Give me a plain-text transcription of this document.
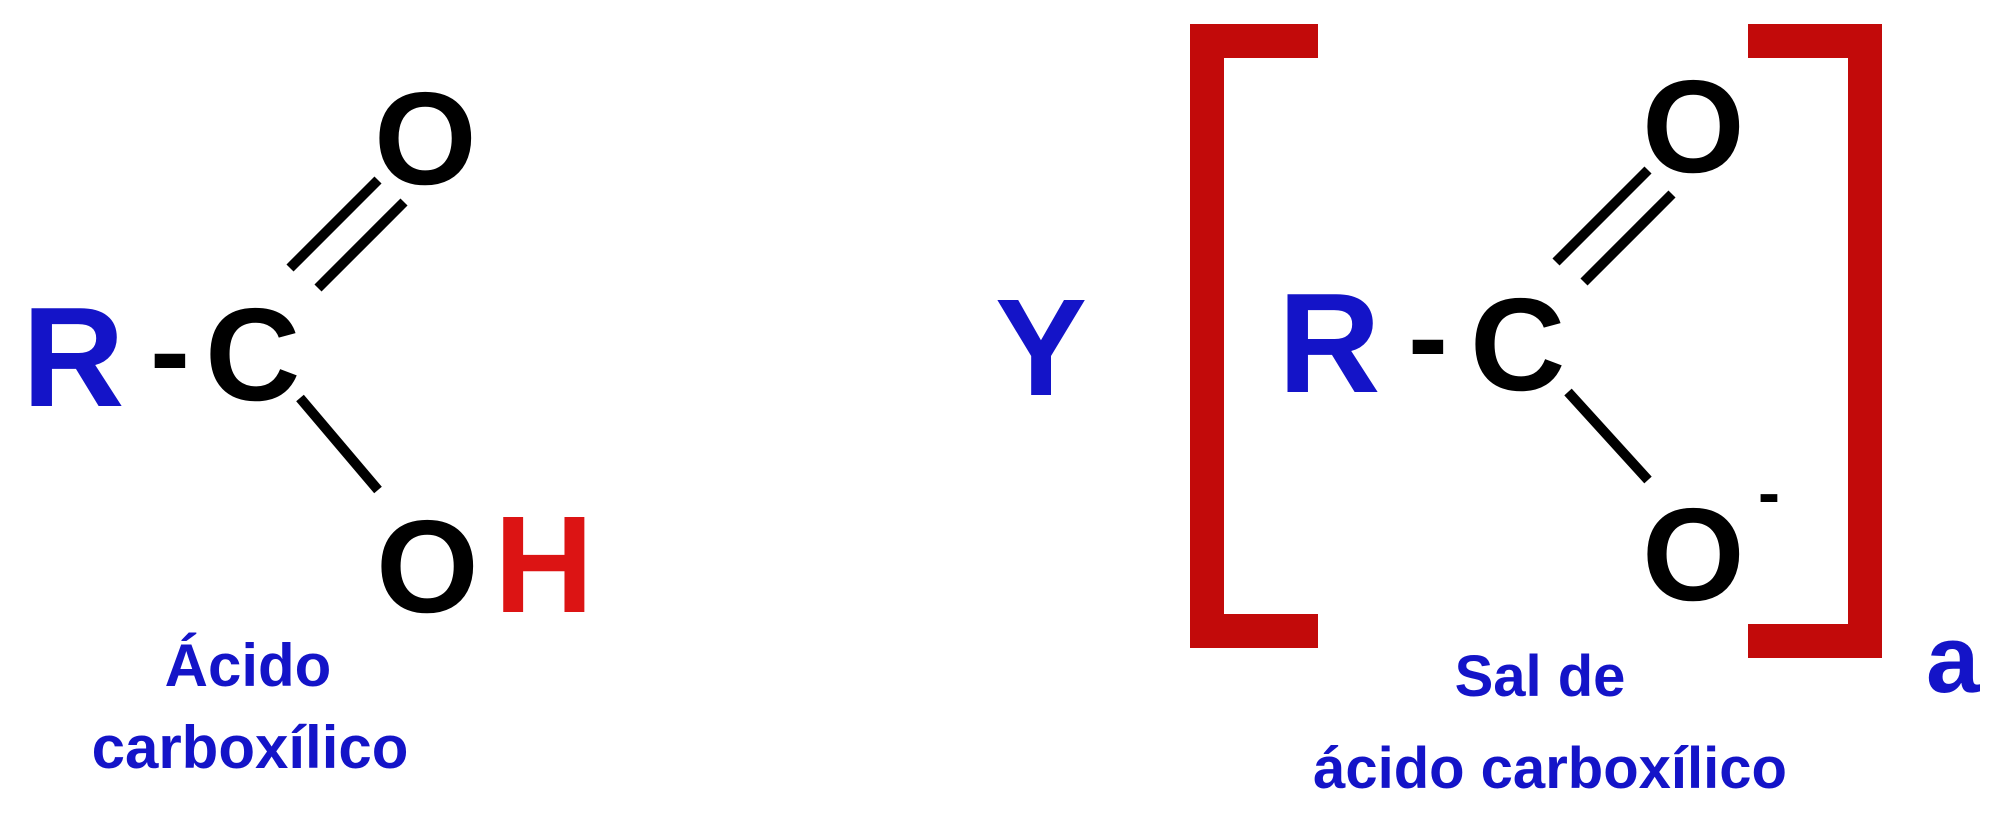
R - C
O
O H
Ácido
carboxílico
Y R - C
O
O -
a
Sal de
ácido carboxílico
